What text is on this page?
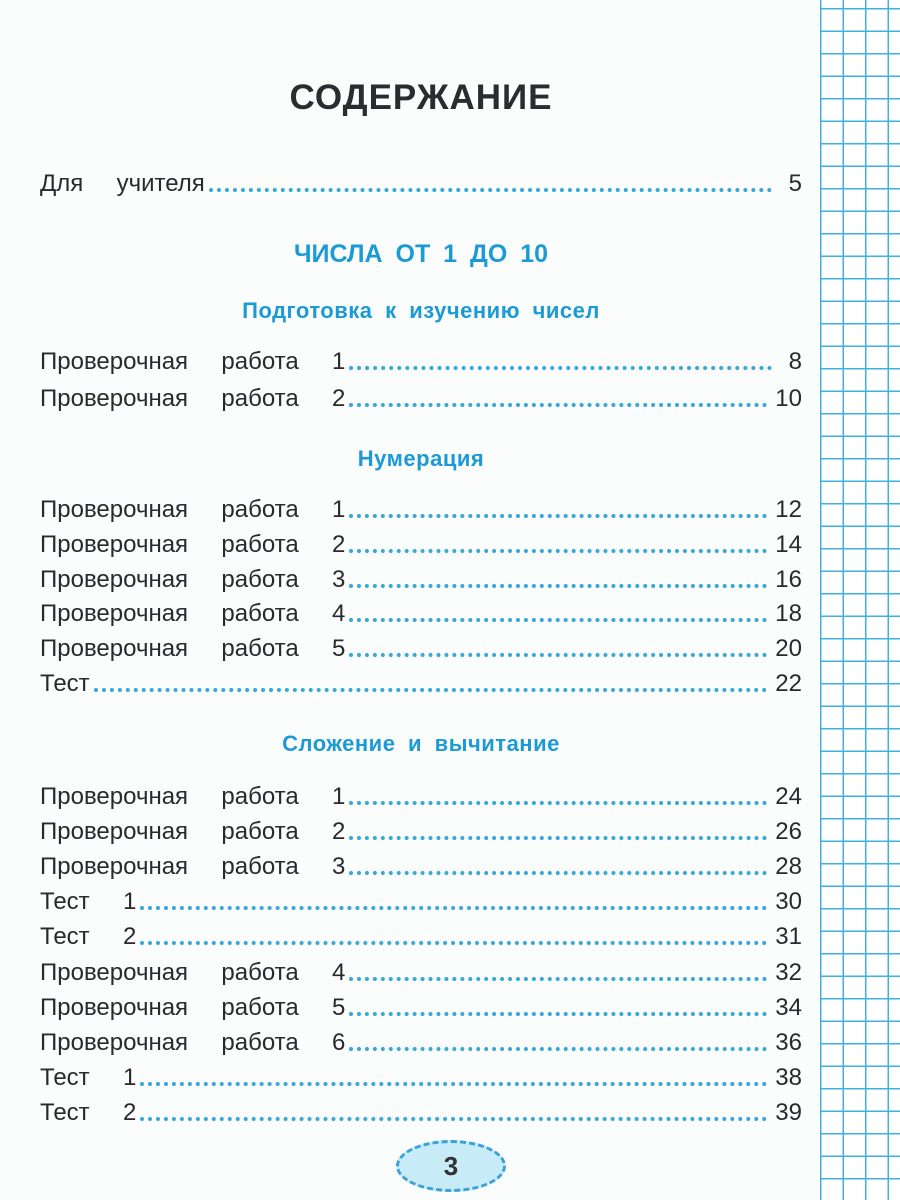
СОДЕРЖАНИЕ
Для  учителя	5
ЧИСЛА ОТ 1 ДО 10
Подготовка к изучению чисел
Проверочная  работа  1	8
Проверочная  работа  2	10
Нумерация
Проверочная  работа  1	12
Проверочная  работа  2	14
Проверочная  работа  3	16
Проверочная  работа  4	18
Проверочная  работа  5	20
Тест	22
Сложение и вычитание
Проверочная  работа  1	24
Проверочная  работа  2	26
Проверочная  работа  3	28
Тест  1	30
Тест  2	31
Проверочная  работа  4	32
Проверочная  работа  5	34
Проверочная  работа  6	36
Тест  1	38
Тест  2	39
3
